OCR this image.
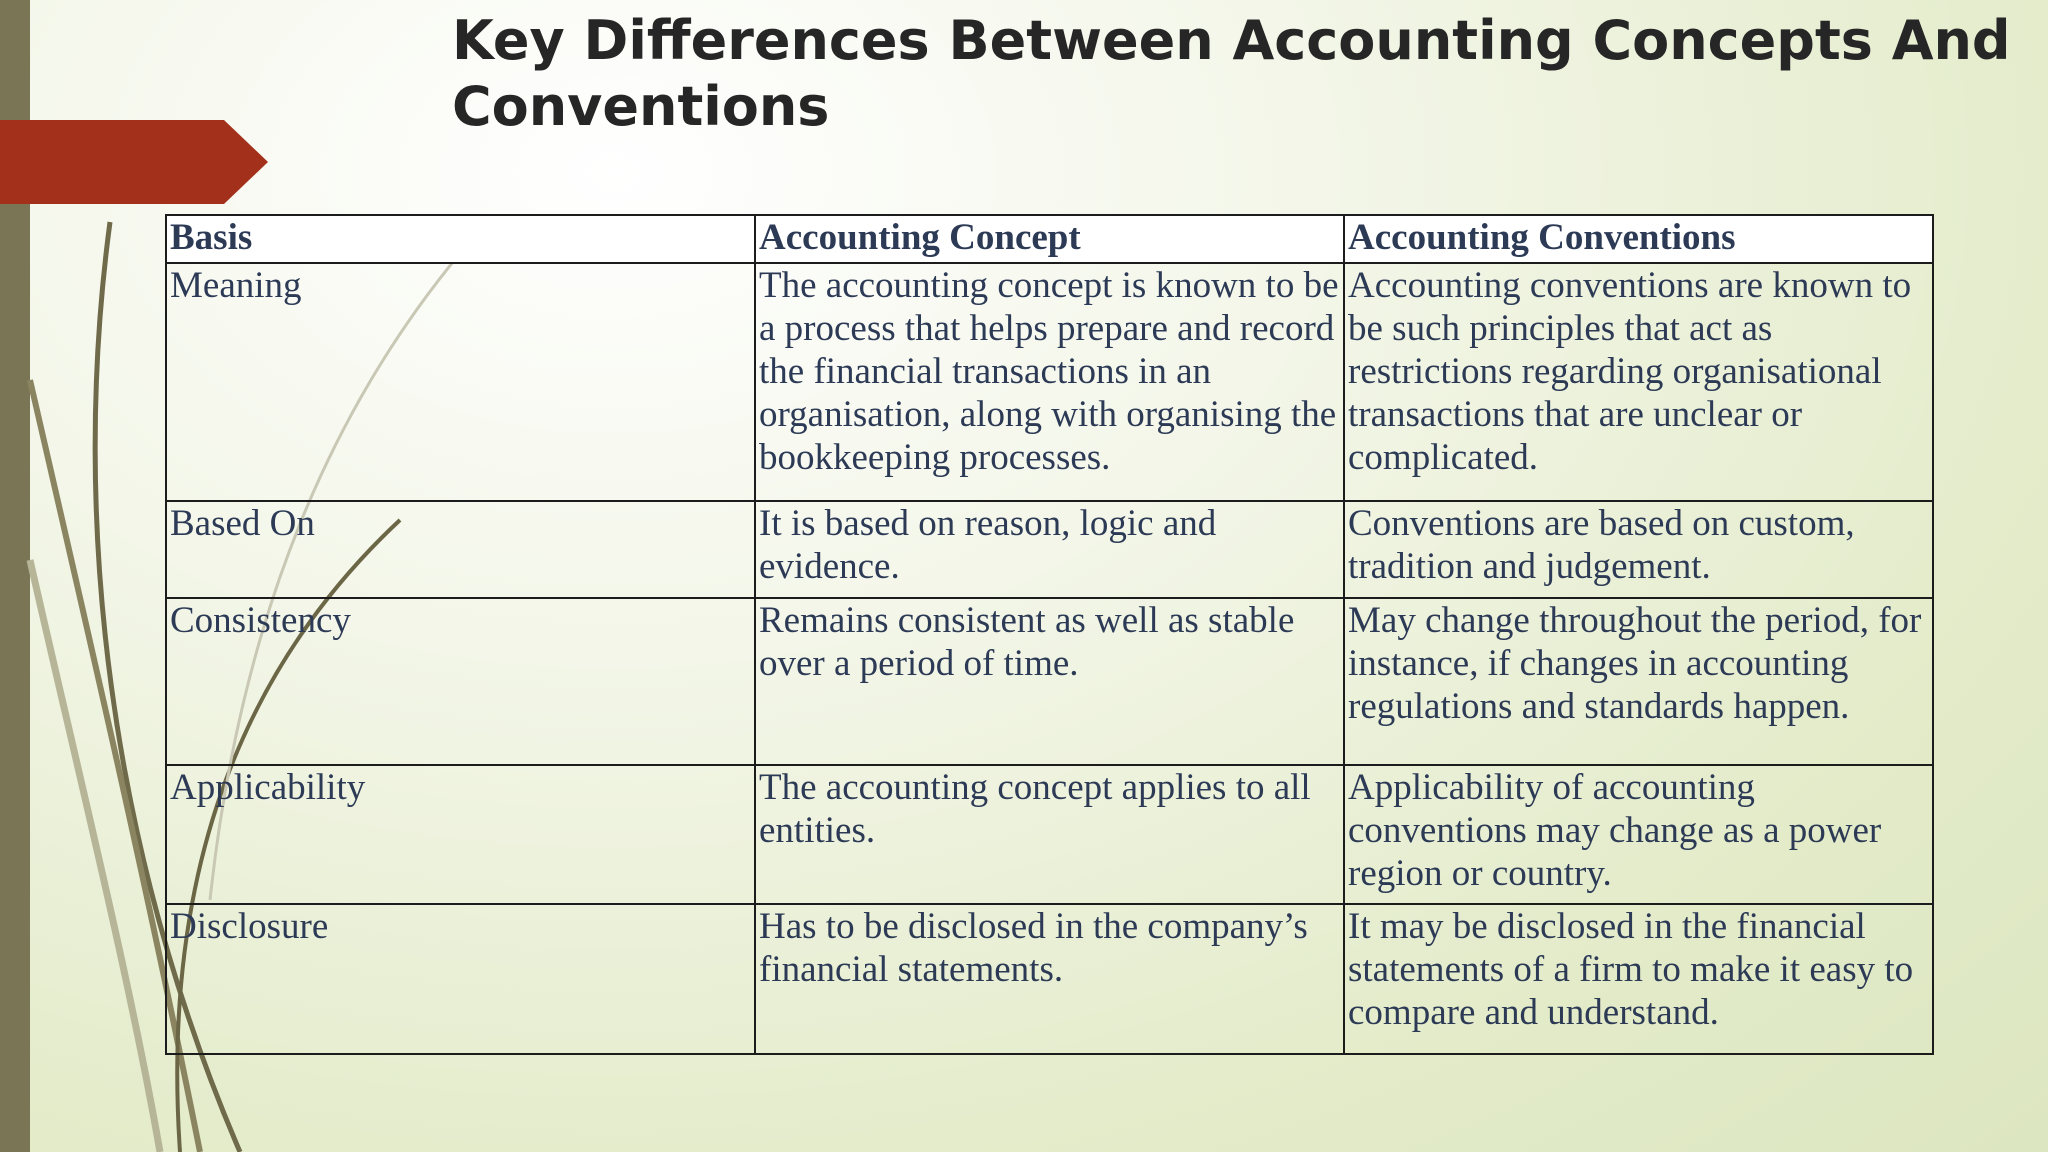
Key Differences Between Accounting Concepts And Conventions
Basis	Accounting Concept	Accounting Conventions
Meaning	The accounting concept is known to be a process that helps prepare and record the financial transactions in an organisation, along with organising the bookkeeping processes.	Accounting conventions are known to be such principles that act as restrictions regarding organisational transactions that are unclear or complicated.
Based On	It is based on reason, logic and evidence.	Conventions are based on custom, tradition and judgement.
Consistency	Remains consistent as well as stable over a period of time.	May change throughout the period, for instance, if changes in accounting regulations and standards happen.
Applicability	The accounting concept applies to all entities.	Applicability of accounting conventions may change as a power region or country.
Disclosure	Has to be disclosed in the company’s financial statements.	It may be disclosed in the financial statements of a firm to make it easy to compare and understand.
